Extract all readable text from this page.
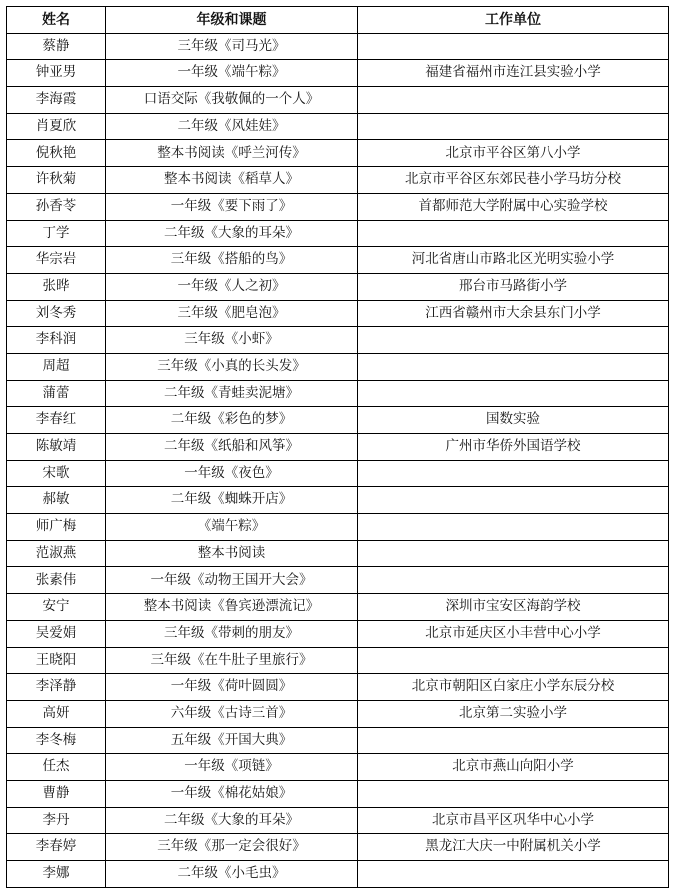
姓名	年级和课题	工作单位
蔡静	三年级《司马光》	
钟亚男	一年级《端午粽》	福建省福州市连江县实验小学
李海霞	口语交际《我敬佩的一个人》	
肖夏欣	二年级《风娃娃》	
倪秋艳	整本书阅读《呼兰河传》	北京市平谷区第八小学
许秋菊	整本书阅读《稻草人》	北京市平谷区东郊民巷小学马坊分校
孙香苓	一年级《要下雨了》	首都师范大学附属中心实验学校
丁学	二年级《大象的耳朵》	
华宗岩	三年级《搭船的鸟》	河北省唐山市路北区光明实验小学
张晔	一年级《人之初》	邢台市马路街小学
刘冬秀	三年级《肥皂泡》	江西省赣州市大余县东门小学
李科润	三年级《小虾》	
周超	三年级《小真的长头发》	
蒲蕾	二年级《青蛙卖泥塘》	
李春红	二年级《彩色的梦》	国数实验
陈敏靖	二年级《纸船和风筝》	广州市华侨外国语学校
宋歌	一年级《夜色》	
郝敏	二年级《蜘蛛开店》	
师广梅	《端午粽》	
范淑燕	整本书阅读	
张素伟	一年级《动物王国开大会》	
安宁	整本书阅读《鲁宾逊漂流记》	深圳市宝安区海韵学校
吴爱娟	三年级《带刺的朋友》	北京市延庆区小丰营中心小学
王晓阳	三年级《在牛肚子里旅行》	
李泽静	一年级《荷叶圆圆》	北京市朝阳区白家庄小学东辰分校
高妍	六年级《古诗三首》	北京第二实验小学
李冬梅	五年级《开国大典》	
任杰	一年级《项链》	北京市燕山向阳小学
曹静	一年级《棉花姑娘》	
李丹	二年级《大象的耳朵》	北京市昌平区巩华中心小学
李春婷	三年级《那一定会很好》	黑龙江大庆一中附属机关小学
李娜	二年级《小毛虫》	
